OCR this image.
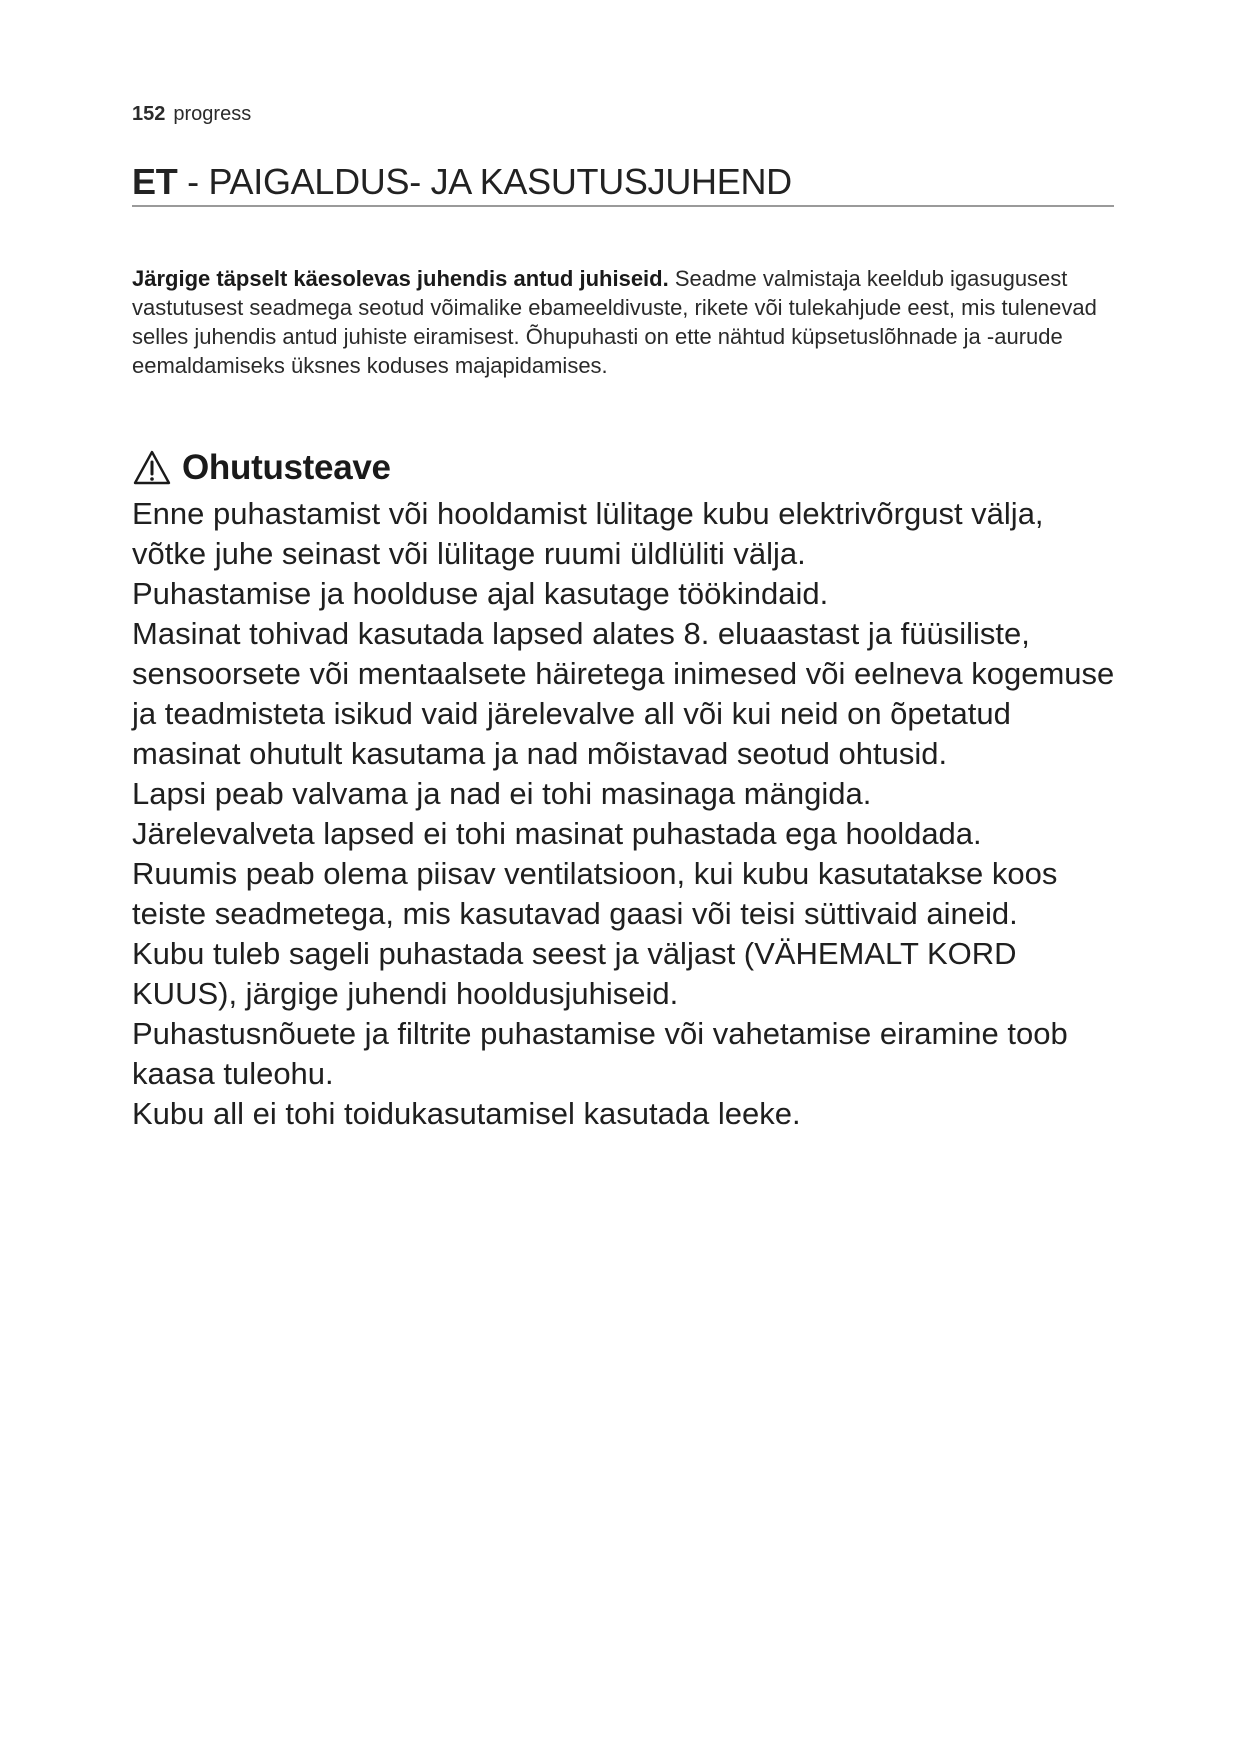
152 progress
ET - PAIGALDUS- JA KASUTUSJUHEND

Järgige täpselt käesolevas juhendis antud juhiseid. Seadme valmistaja keeldub igasugusest vastutusest seadmega seotud võimalike ebameeldivuste, rikete või tulekahjude eest, mis tulenevad selles juhendis antud juhiste eiramisest. Õhupuhasti on ette nähtud küpsetuslõhnade ja -aurude eemaldamiseks üksnes koduses majapidamises.

Ohutusteave
Enne puhastamist või hooldamist lülitage kubu elektrivõrgust välja, võtke juhe seinast või lülitage ruumi üldlüliti välja.
Puhastamise ja hoolduse ajal kasutage töökindaid.
Masinat tohivad kasutada lapsed alates 8. eluaastast ja füüsiliste, sensoorsete või mentaalsete häiretega inimesed või eelneva kogemuse ja teadmisteta isikud vaid järelevalve all või kui neid on õpetatud masinat ohutult kasutama ja nad mõistavad seotud ohtusid.
Lapsi peab valvama ja nad ei tohi masinaga mängida.
Järelevalveta lapsed ei tohi masinat puhastada ega hooldada.
Ruumis peab olema piisav ventilatsioon, kui kubu kasutatakse koos teiste seadmetega, mis kasutavad gaasi või teisi süttivaid aineid.
Kubu tuleb sageli puhastada seest ja väljast (VÄHEMALT KORD KUUS), järgige juhendi hooldusjuhiseid.
Puhastusnõuete ja filtrite puhastamise või vahetamise eiramine toob kaasa tuleohu.
Kubu all ei tohi toidukasutamisel kasutada leeke.
